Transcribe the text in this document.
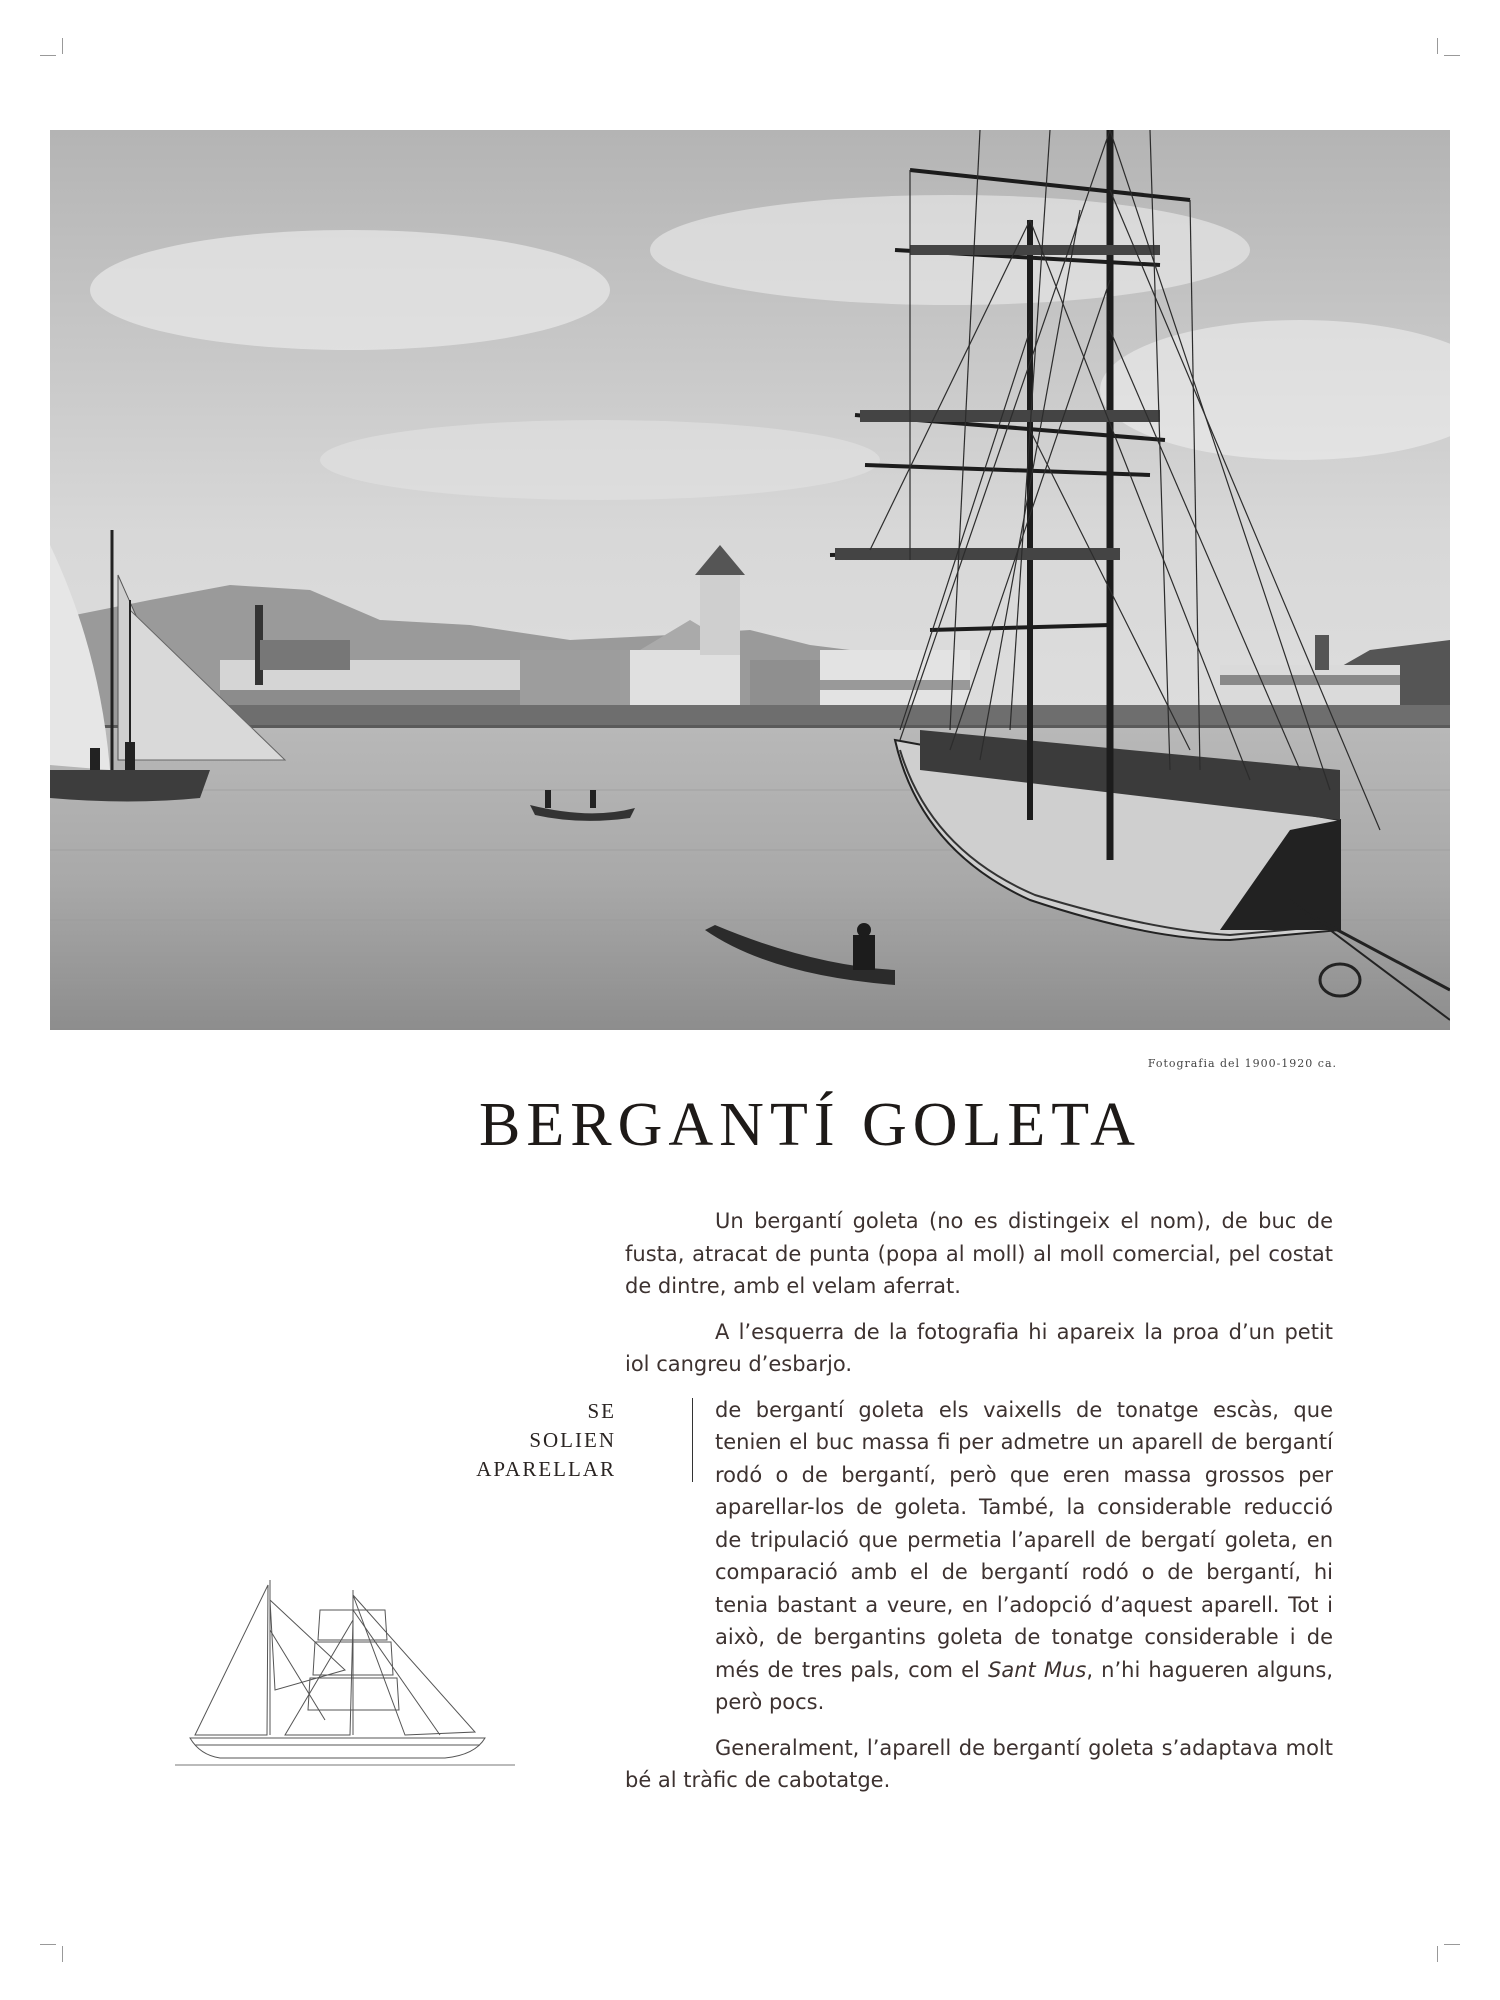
Fotografia del 1900-1920 ca.
BERGANTÍ GOLETA

Un bergantí goleta (no es distingeix el nom), de buc de fusta, atracat de punta (popa al moll) al moll comercial, pel costat de dintre, amb el velam aferrat.

A l’esquerra de la fotografia hi apareix la proa d’un petit iol cangreu d’esbarjo.

SE
SOLIEN
APARELLAR
de bergantí goleta els vaixells de tonatge escàs, que tenien el buc massa fi per admetre un aparell de bergantí rodó o de bergantí, però que eren massa grossos per aparellar-los de goleta. També, la considerable reducció de tripulació que permetia l’aparell de bergatí goleta, en comparació amb el de bergantí rodó o de bergantí, hi tenia bastant a veure, en l’adopció d’aquest aparell. Tot i això, de bergantins goleta de tonatge considerable i de més de tres pals, com el Sant Mus, n’hi hagueren alguns, però pocs.

Generalment, l’aparell de bergantí goleta s’adaptava molt bé al tràfic de cabotatge.
